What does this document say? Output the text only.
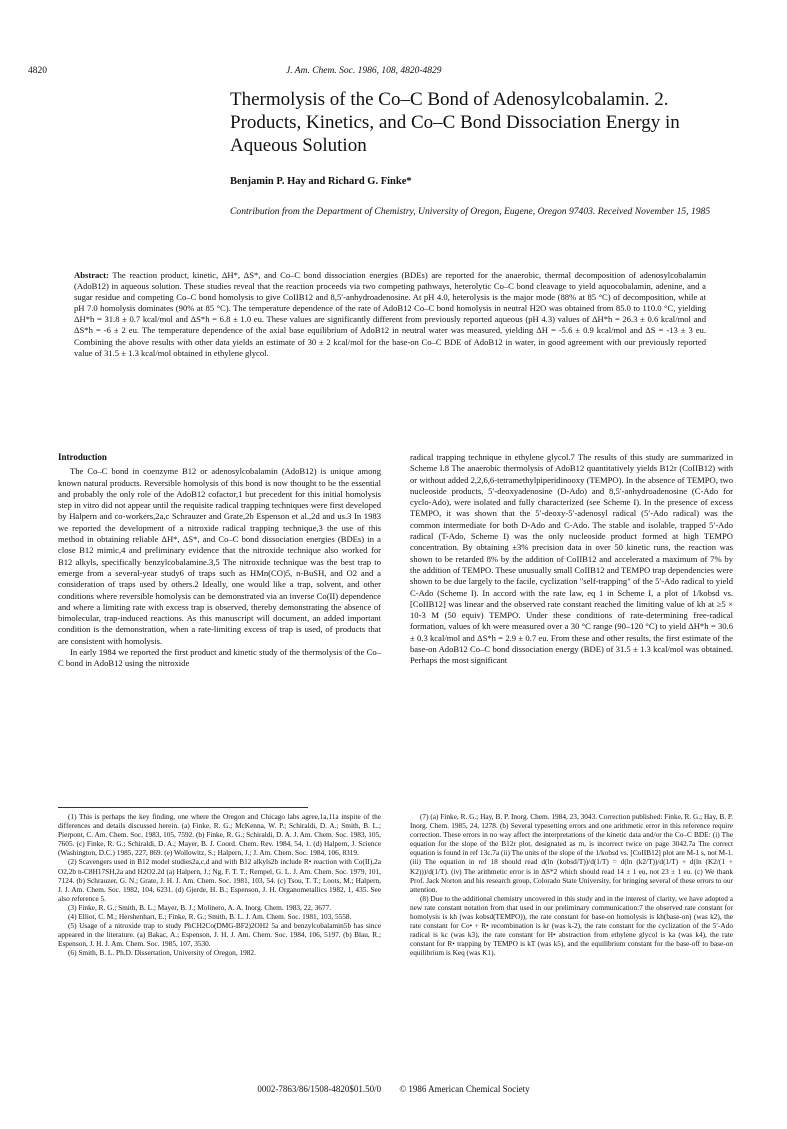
4820	J. Am. Chem. Soc. 1986, 108, 4820-4829
Thermolysis of the Co–C Bond of Adenosylcobalamin. 2. Products, Kinetics, and Co–C Bond Dissociation Energy in Aqueous Solution
Benjamin P. Hay and Richard G. Finke*
Contribution from the Department of Chemistry, University of Oregon, Eugene, Oregon 97403. Received November 15, 1985
Abstract: The reaction product, kinetic, ΔH*, ΔS*, and Co–C bond dissociation energies (BDEs) are reported for the anaerobic, thermal decomposition of adenosylcobalamin (AdoB12) in aqueous solution. These studies reveal that the reaction proceeds via two competing pathways, heterolytic Co–C bond cleavage to yield aquocobalamin, adenine, and a sugar residue and competing Co–C bond homolysis to give CoIIB12 and 8,5′-anhydroadenosine. At pH 4.0, heterolysis is the major mode (88% at 85 °C) of decomposition, while at pH 7.0 homolysis dominates (90% at 85 °C). The temperature dependence of the rate of AdoB12 Co–C bond homolysis in neutral H2O was obtained from 85.0 to 110.0 °C, yielding ΔH*h = 31.8 ± 0.7 kcal/mol and ΔS*h = 6.8 ± 1.0 eu. These values are significantly different from previously reported aqueous (pH 4.3) values of ΔH*h = 26.3 ± 0.6 kcal/mol and ΔS*h = -6 ± 2 eu. The temperature dependence of the axial base equilibrium of AdoB12 in neutral water was measured, yielding ΔH = -5.6 ± 0.9 kcal/mol and ΔS = -13 ± 3 eu. Combining the above results with other data yields an estimate of 30 ± 2 kcal/mol for the base-on Co–C BDE of AdoB12 in water, in good agreement with our previously reported value of 31.5 ± 1.3 kcal/mol obtained in ethylene glycol.
Introduction

The Co–C bond in coenzyme B12 or adenosylcobalamin (AdoB12) is unique among known natural products. Reversible homolysis of this bond is now thought to be the essential and probably the only role of the AdoB12 cofactor,1 but precedent for this initial homolysis step in vitro did not appear until the requisite radical trapping techniques were first developed by Halpern and co-workers,2a,c Schrauzer and Grate,2b Espenson et al.,2d and us.3 In 1983 we reported the development of a nitroxide radical trapping technique,3 the use of this method in obtaining reliable ΔH*, ΔS*, and Co–C bond dissociation energies (BDEs) in a close B12 mimic,4 and preliminary evidence that the nitroxide technique also worked for B12 alkyls, specifically benzylcobalamine.3,5 The nitroxide technique was the best trap to emerge from a several-year study6 of traps such as HMn(CO)5, n-BuSH, and O2 and a consideration of traps used by others.2 Ideally, one would like a trap, solvent, and other conditions where reversible homolysis can be demonstrated via an inverse Co(II) dependence and where a limiting rate with excess trap is observed, thereby demonstrating the absence of bimolecular, trap-induced reactions. As this manuscript will document, an added important condition is the demonstration, when a rate-limiting excess of trap is used, of products that are consistent with homolysis.

In early 1984 we reported the first product and kinetic study of the thermolysis of the Co–C bond in AdoB12 using the nitroxide

radical trapping technique in ethylene glycol.7 The results of this study are summarized in Scheme I.8 The anaerobic thermolysis of AdoB12 quantitatively yields B12r (CoIIB12) with or without added 2,2,6,6-tetramethylpiperidinooxy (TEMPO). In the absence of TEMPO, two nucleoside products, 5′-deoxyadenosine (D-Ado) and 8,5′-anhydroadenosine (C-Ado for cyclo-Ado), were isolated and fully characterized (see Scheme I). In the presence of excess TEMPO, it was shown that the 5′-deoxy-5′-adenosyl radical (5′-Ado radical) was the common intermediate for both D-Ado and C-Ado. The stable and isolable, trapped 5′-Ado radical (T-Ado, Scheme I) was the only nucleoside product formed at high TEMPO concentration. By obtaining ±3% precision data in over 50 kinetic runs, the reaction was shown to be retarded 8% by the addition of CoIIB12 and accelerated a maximum of 7% by the addition of TEMPO. These unusually small CoIIB12 and TEMPO trap dependencies were shown to be due largely to the facile, cyclization "self-trapping" of the 5′-Ado radical to yield C-Ado (Scheme I). In accord with the rate law, eq 1 in Scheme I, a plot of 1/kobsd vs. [CoIIB12] was linear and the observed rate constant reached the limiting value of kh at ≥5 × 10-3 M (50 equiv) TEMPO. Under these conditions of rate-determining free-radical formation, values of kh were measured over a 30 °C range (90–120 °C) to yield ΔH*h = 30.6 ± 0.3 kcal/mol and ΔS*h = 2.9 ± 0.7 eu. From these and other results, the first estimate of the base-on AdoB12 Co–C bond dissociation energy (BDE) of 31.5 ± 1.3 kcal/mol was obtained. Perhaps the most significant

(1) This is perhaps the key finding, one where the Oregon and Chicago labs agree,1a,11a inspite of the differences and details discussed herein. (a) Finke, R. G.; McKenna, W. P.; Schiraldi, D. A.; Smith, B. L.; Pierpont, C. Am. Chem. Soc. 1983, 105, 7592. (b) Finke, R. G.; Schiraldi, D. A. J. Am. Chem. Soc. 1983, 105, 7605. (c) Finke, R. G.; Schiraldi, D. A.; Mayer, B. J. Coord. Chem. Rev. 1984, 54, 1. (d) Halpern, J. Science (Washington, D.C.) 1985, 227, 869. (e) Wollowitz, S.; Halpern, J.; J. Am. Chem. Soc. 1984, 106, 8319.

(2) Scavengers used in B12 model studies2a,c,d and with B12 alkyls2b include R• reaction with Co(II),2a O2,2b n-C8H17SH,2a and H2O2.2d (a) Halpern, J.; Ng, F. T. T.; Rempel, G. L. J. Am. Chem. Soc. 1979, 101, 7124. (b) Schrauzer, G. N.; Grate, J. H. J. Am. Chem. Soc. 1981, 103, 54. (c) Tsou, T. T.; Loots, M.; Halpern, J. J. Am. Chem. Soc. 1982, 104, 6231. (d) Gjerde, H. B.; Espenson, J. H. Organometallics 1982, 1, 435. See also reference 5.

(3) Finke, R. G.; Smith, B. L.; Mayer, B. J.; Molinero, A. A. Inorg. Chem. 1983, 22, 3677.

(4) Elliot, C. M.; Hershenhart, E.; Finke, R. G.; Smith, B. L. J. Am. Chem. Soc. 1981, 103, 5558.

(5) Usage of a nitroxide trap to study PhCH2Co(DMG-BF2)2OH2 5a and benzylcobalamin5b has since appeared in the literature. (a) Bakac, A.; Espenson, J. H. J. Am. Chem. Soc. 1984, 106, 5197. (b) Blau, R.; Espenson, J. H. J. Am. Chem. Soc. 1985, 107, 3530.

(6) Smith, B. L. Ph.D. Dissertation, University of Oregon, 1982.

(7) (a) Finke, R. G.; Hay, B. P. Inorg. Chem. 1984, 23, 3043. Correction published: Finke, R. G.; Hay, B. P. Inorg. Chem. 1985, 24, 1278. (b) Several typesetting errors and one arithmetic error in this reference require correction. These errors in no way affect the interpretations of the kinetic data and/or the Co–C BDE: (i) The equation for the slope of the B12r plot, designated as m, is incorrect twice on page 3042.7a The correct equation is found in ref 13c.7a (ii) The units of the slope of the 1/kobsd vs. [CoIIB12] plot are M-1 s, not M-1. (iii) The equation in ref 18 should read d(ln (kobsd/T))/d(1/T) = d(ln (k2/T))/d(1/T) + d(ln (K2/(1 + K2)))/d(1/T). (iv) The arithmetic error is in ΔS*2 which should read 14 ± 1 eu, not 23 ± 1 eu. (c) We thank Prof. Jack Norton and his research group, Colorado State University, for bringing several of these errors to our attention.

(8) Due to the additional chemistry uncovered in this study and in the interest of clarity, we have adopted a new rate constant notation from that used in our preliminary communication:7 the observed rate constant for homolysis is kh (was kobsd(TEMPO)), the rate constant for base-on homolysis is kh(base-on) (was k2), the rate constant for Co• + R• recombination is kr (was k-2), the rate constant for the cyclization of the 5′-Ado radical is kc (was k3), the rate constant for H• abstraction from ethylene glycol is ka (was k4), the rate constant for R• trapping by TEMPO is kT (was k5), and the equilibrium constant for the base-off to base-on equilibrium is Keq (was K1).

0002-7863/86/1508-4820$01.50/0 © 1986 American Chemical Society
